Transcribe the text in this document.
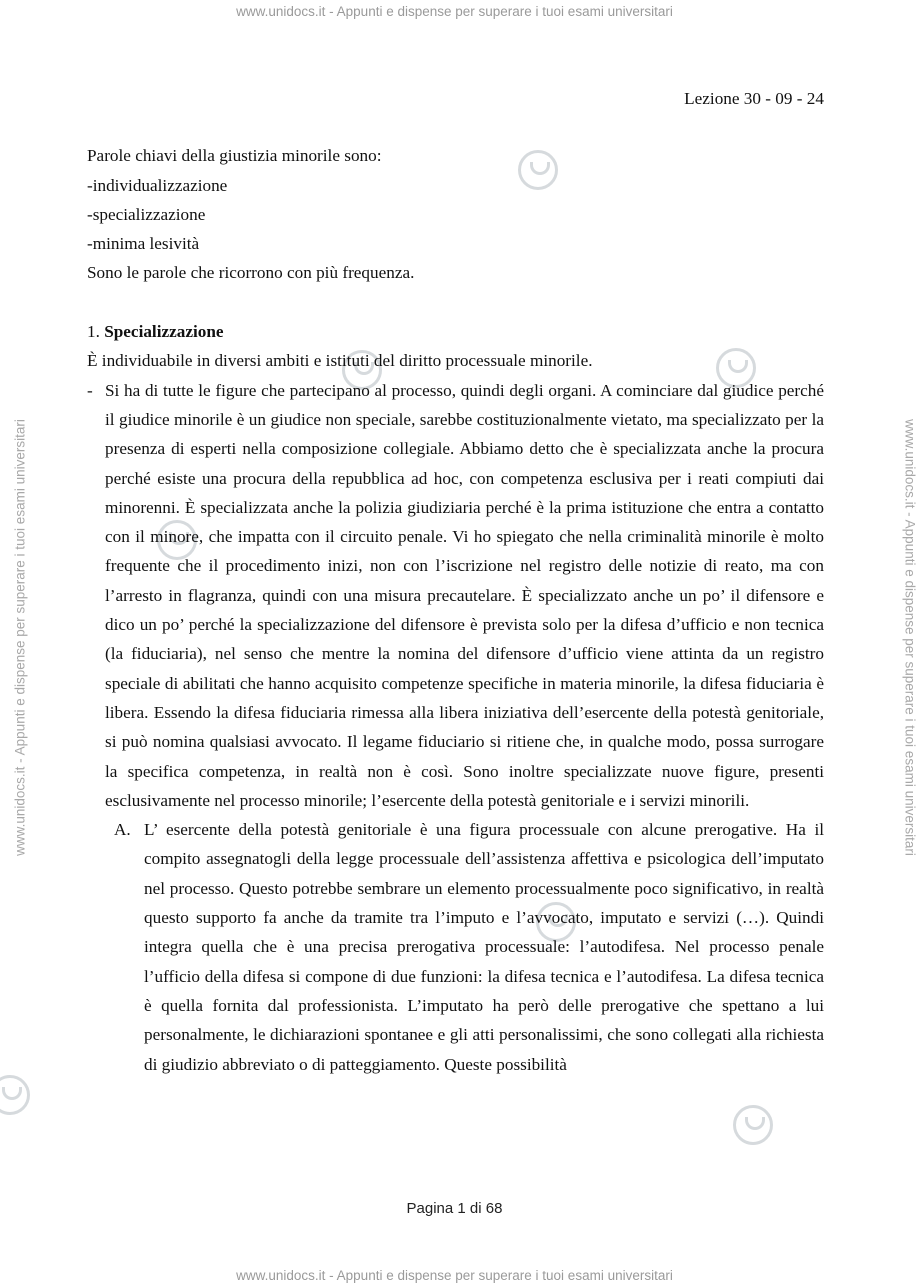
www.unidocs.it - Appunti e dispense per superare i tuoi esami universitari
www.unidocs.it - Appunti e dispense per superare i tuoi esami universitari
www.unidocs.it - Appunti e dispense per superare i tuoi esami universitari	www.unidocs.it - Appunti e dispense per superare i tuoi esami universitari

Lezione 30 - 09 - 24

Parole chiavi della giustizia minorile sono:

-individualizzazione

-specializzazione

-minima lesività

Sono le parole che ricorrono con più frequenza.

1. Specializzazione

È individuabile in diversi ambiti e istituti del diritto processuale minorile.

- Si ha di tutte le figure che partecipano al processo, quindi degli organi. A cominciare dal giudice perché il giudice minorile è un giudice non speciale, sarebbe costituzionalmente vietato, ma specializzato per la presenza di esperti nella composizione collegiale. Abbiamo detto che è specializzata anche la procura perché esiste una procura della repubblica ad hoc, con competenza esclusiva per i reati compiuti dai minorenni. È specializzata anche la polizia giudiziaria perché è la prima istituzione che entra a contatto con il minore, che impatta con il circuito penale. Vi ho spiegato che nella criminalità minorile è molto frequente che il procedimento inizi, non con l’iscrizione nel registro delle notizie di reato, ma con l’arresto in flagranza, quindi con una misura precautelare. È specializzato anche un po’ il difensore e dico un po’ perché la specializzazione del difensore è prevista solo per la difesa d’ufficio e non tecnica (la fiduciaria), nel senso che mentre la nomina del difensore d’ufficio viene attinta da un registro speciale di abilitati che hanno acquisito competenze specifiche in materia minorile, la difesa fiduciaria è libera. Essendo la difesa fiduciaria rimessa alla libera iniziativa dell’esercente della potestà genitoriale, si può nomina qualsiasi avvocato. Il legame fiduciario si ritiene che, in qualche modo, possa surrogare la specifica competenza, in realtà non è così. Sono inoltre specializzate nuove figure, presenti esclusivamente nel processo minorile; l’esercente della potestà genitoriale e i servizi minorili.

A. L’ esercente della potestà genitoriale è una figura processuale con alcune prerogative. Ha il compito assegnatogli della legge processuale dell’assistenza affettiva e psicologica dell’imputato nel processo. Questo potrebbe sembrare un elemento processualmente poco significativo, in realtà questo supporto fa anche da tramite tra l’imputo e l’avvocato, imputato e servizi (…). Quindi integra quella che è una precisa prerogativa processuale: l’autodifesa. Nel processo penale l’ufficio della difesa si compone di due funzioni: la difesa tecnica e l’autodifesa. La difesa tecnica è quella fornita dal professionista. L’imputato ha però delle prerogative che spettano a lui personalmente, le dichiarazioni spontanee e gli atti personalissimi, che sono collegati alla richiesta di giudizio abbreviato o di patteggiamento. Queste possibilità

Pagina 1 di 68
